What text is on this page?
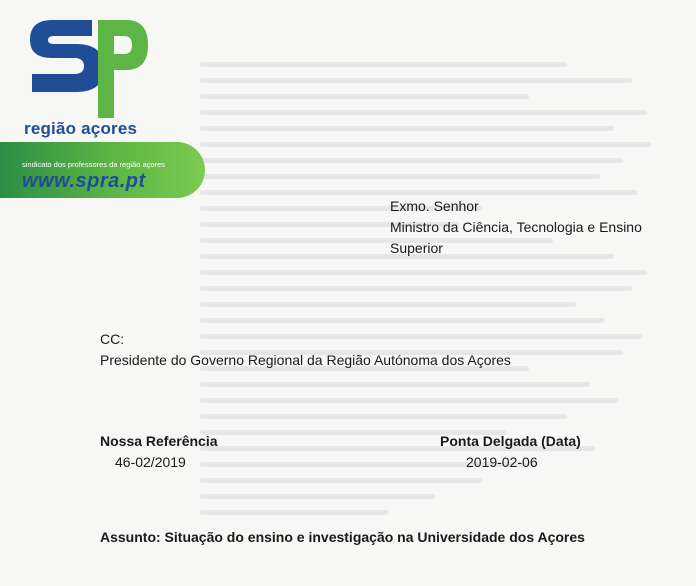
região açores
sindicato dos professores da região açores
www.spra.pt
Exmo. Senhor
Ministro da Ciência, Tecnologia e Ensino
Superior
CC:
Presidente do Governo Regional da Região Autónoma dos Açores
Nossa Referência
46-02/2019
Ponta Delgada (Data)
2019-02-06
Assunto: Situação do ensino e investigação na Universidade dos Açores
